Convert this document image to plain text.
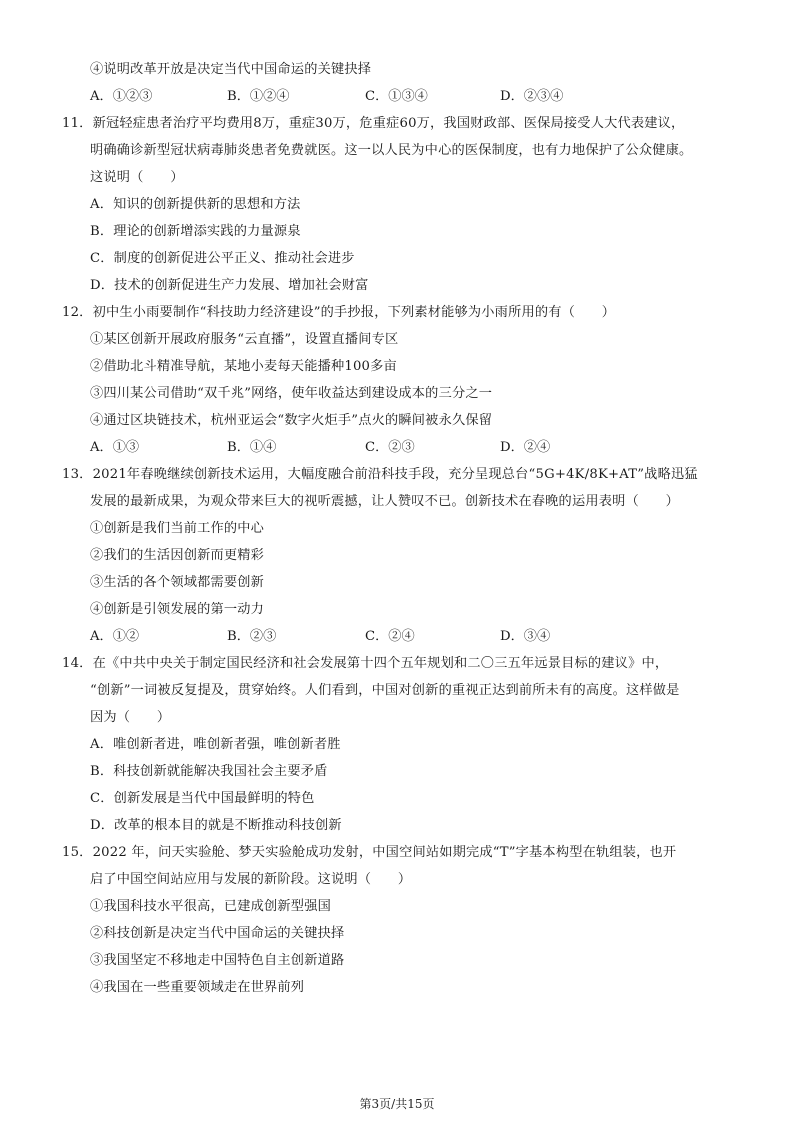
④说明改革开放是决定当代中国命运的关键抉择
A．①②③	B．①②④	C．①③④	D．②③④
11．新冠轻症患者治疗平均费用8万，重症30万，危重症60万，我国财政部、医保局接受人大代表建议，
明确确诊新型冠状病毒肺炎患者免费就医。这一以人民为中心的医保制度，也有力地保护了公众健康。
这说明（　　）
A．知识的创新提供新的思想和方法
B．理论的创新增添实践的力量源泉
C．制度的创新促进公平正义、推动社会进步
D．技术的创新促进生产力发展、增加社会财富
12．初中生小雨要制作“科技助力经济建设”的手抄报，下列素材能够为小雨所用的有（　　）
①某区创新开展政府服务“云直播”，设置直播间专区
②借助北斗精准导航，某地小麦每天能播种100多亩
③四川某公司借助“双千兆”网络，使年收益达到建设成本的三分之一
④通过区块链技术，杭州亚运会“数字火炬手”点火的瞬间被永久保留
A．①③	B．①④	C．②③	D．②④
13．2021年春晚继续创新技术运用，大幅度融合前沿科技手段，充分呈现总台“5G+4K/8K+AT”战略迅猛
发展的最新成果，为观众带来巨大的视听震撼，让人赞叹不已。创新技术在春晚的运用表明（　　）
①创新是我们当前工作的中心
②我们的生活因创新而更精彩
③生活的各个领域都需要创新
④创新是引领发展的第一动力
A．①②	B．②③	C．②④	D．③④
14．在《中共中央关于制定国民经济和社会发展第十四个五年规划和二〇三五年远景目标的建议》中，
“创新”一词被反复提及，贯穿始终。人们看到，中国对创新的重视正达到前所未有的高度。这样做是
因为（　　）
A．唯创新者进，唯创新者强，唯创新者胜
B．科技创新就能解决我国社会主要矛盾
C．创新发展是当代中国最鲜明的特色
D．改革的根本目的就是不断推动科技创新
15．2022 年，问天实验舱、梦天实验舱成功发射，中国空间站如期完成“T”字基本构型在轨组装，也开
启了中国空间站应用与发展的新阶段。这说明（　　）
①我国科技水平很高，已建成创新型强国
②科技创新是决定当代中国命运的关键抉择
③我国坚定不移地走中国特色自主创新道路
④我国在一些重要领域走在世界前列
第3页/共15页
